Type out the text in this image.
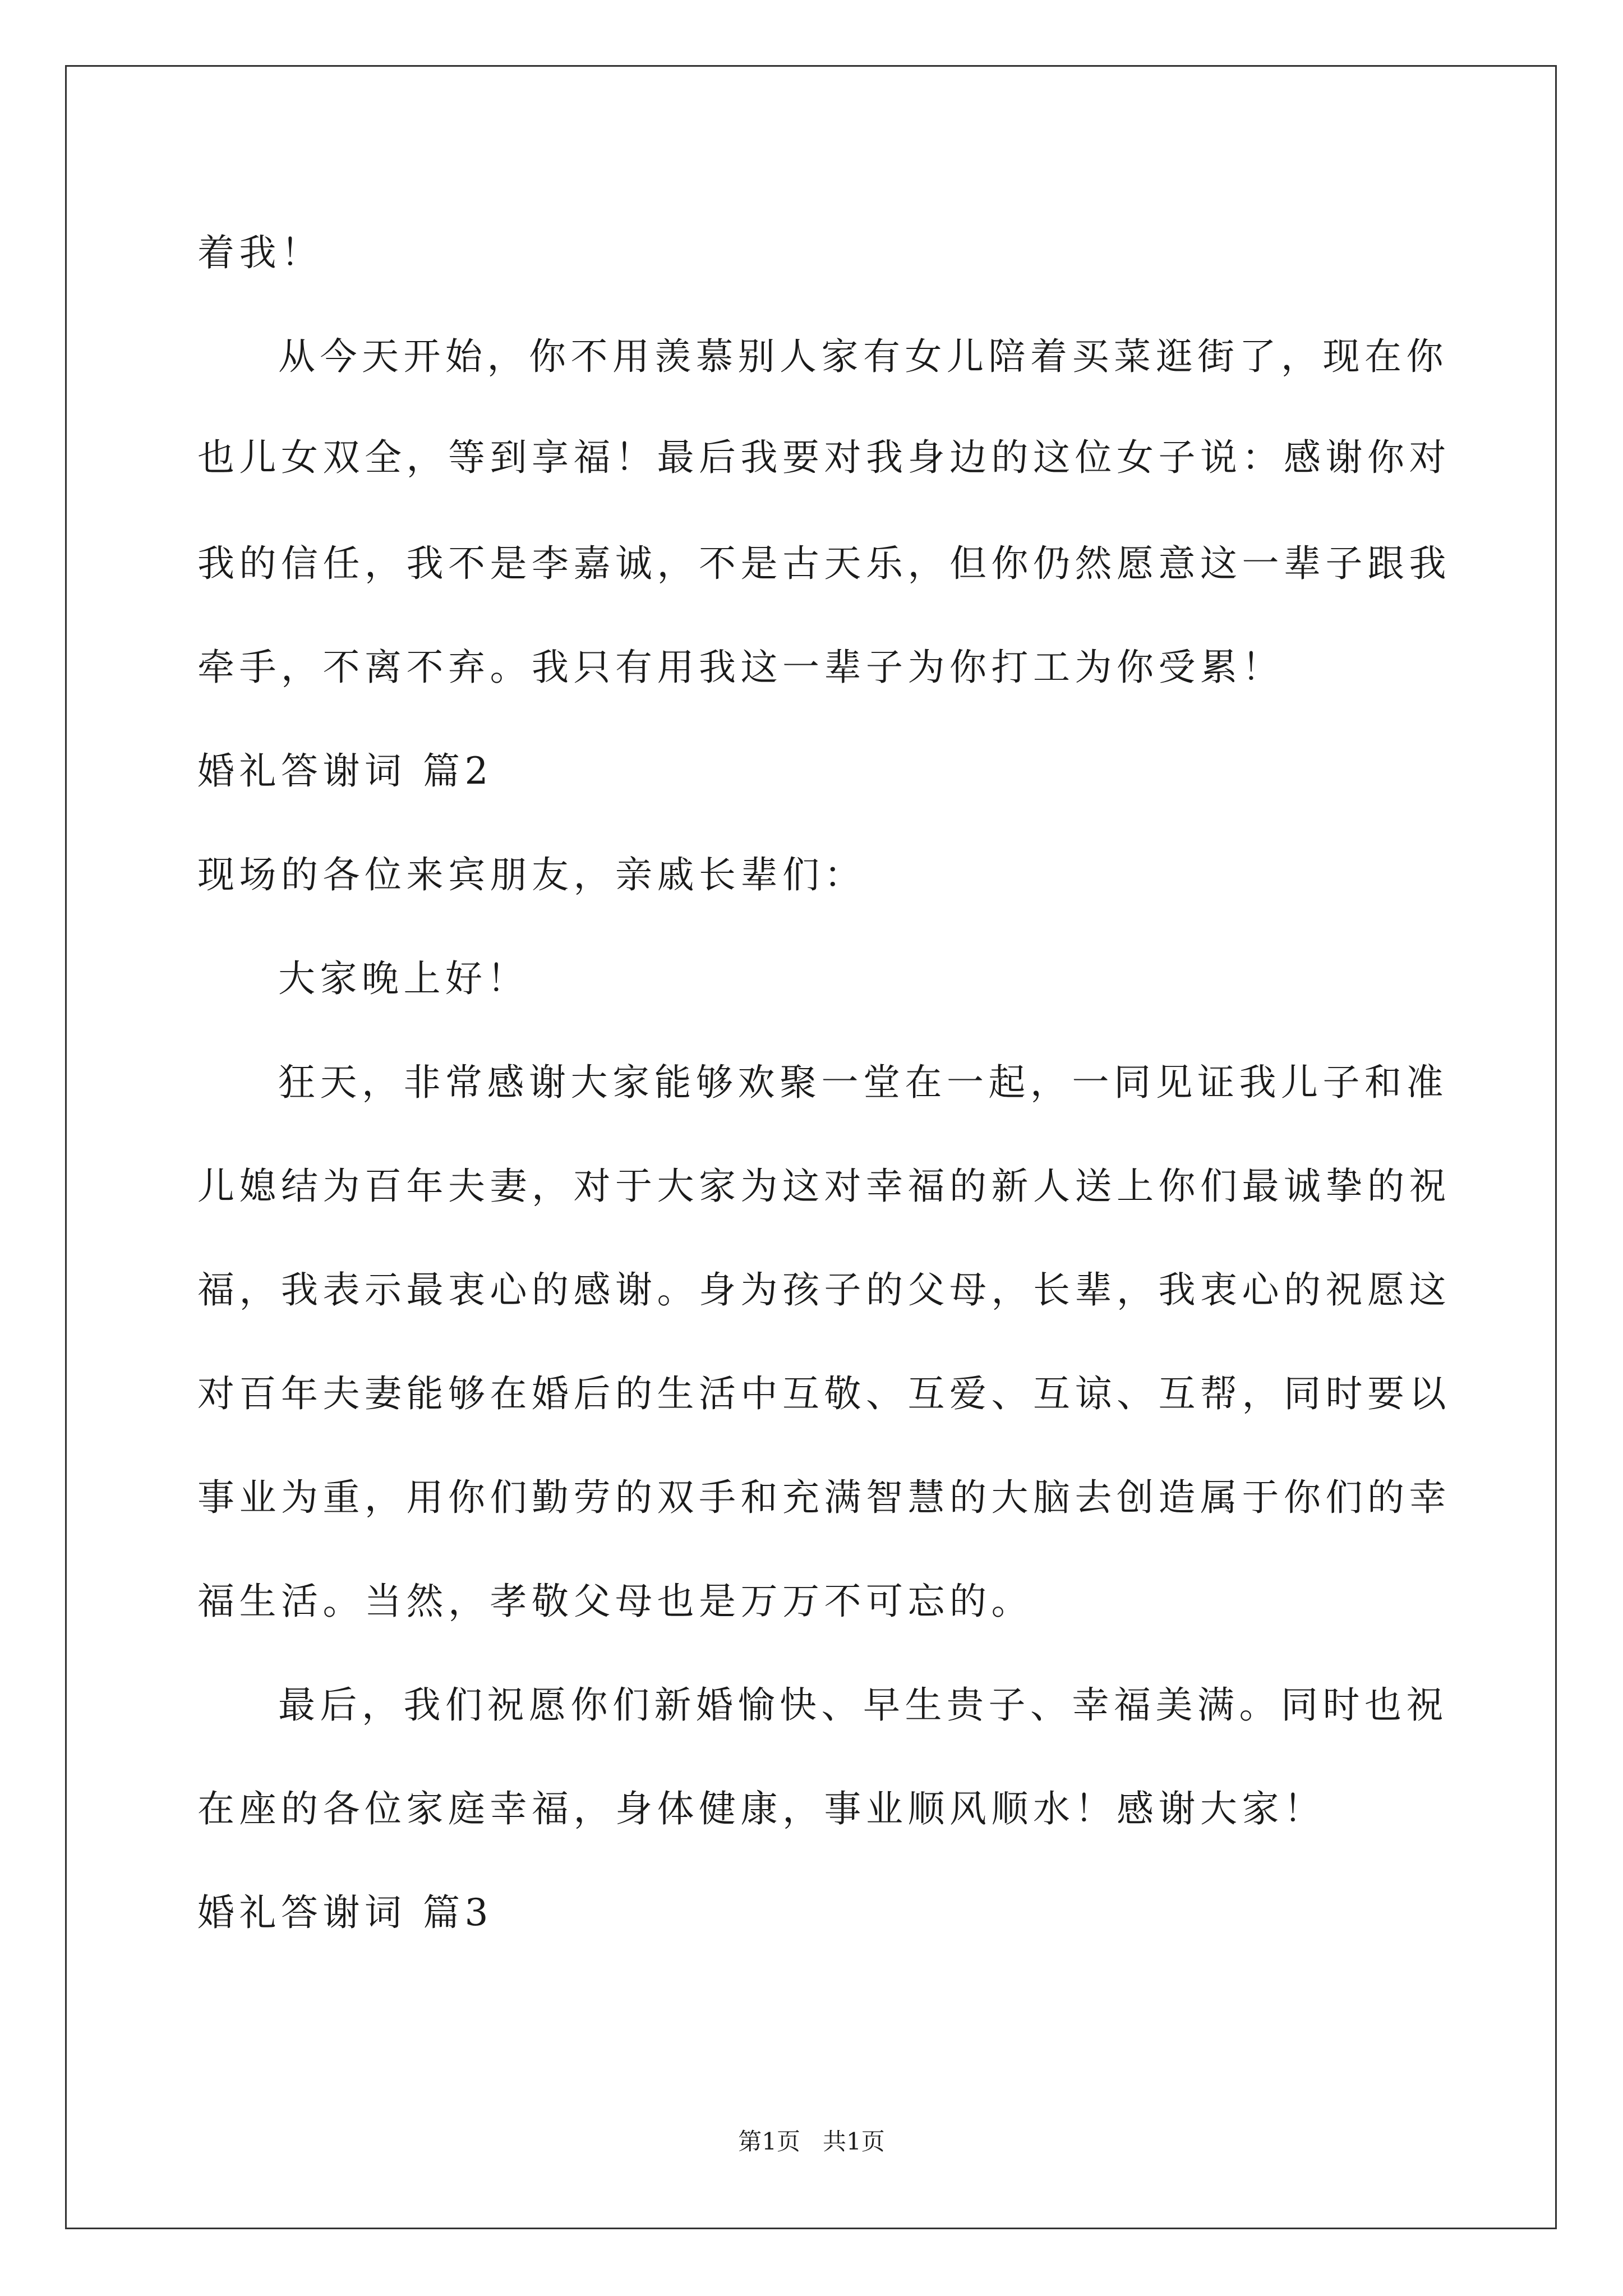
着我！
从今天开始，你不用羡慕别人家有女儿陪着买菜逛街了，现在你
也儿女双全，等到享福！最后我要对我身边的这位女子说：感谢你对
我的信任，我不是李嘉诚，不是古天乐，但你仍然愿意这一辈子跟我
牵手，不离不弃。我只有用我这一辈子为你打工为你受累！
婚礼答谢词 篇2
现场的各位来宾朋友，亲戚长辈们：
大家晚上好！
狂天，非常感谢大家能够欢聚一堂在一起，一同见证我儿子和准
儿媳结为百年夫妻，对于大家为这对幸福的新人送上你们最诚挚的祝
福，我表示最衷心的感谢。身为孩子的父母，长辈，我衷心的祝愿这
对百年夫妻能够在婚后的生活中互敬、互爱、互谅、互帮，同时要以
事业为重，用你们勤劳的双手和充满智慧的大脑去创造属于你们的幸
福生活。当然，孝敬父母也是万万不可忘的。
最后，我们祝愿你们新婚愉快、早生贵子、幸福美满。同时也祝
在座的各位家庭幸福，身体健康，事业顺风顺水！感谢大家！
婚礼答谢词 篇3
第1页   共1页
